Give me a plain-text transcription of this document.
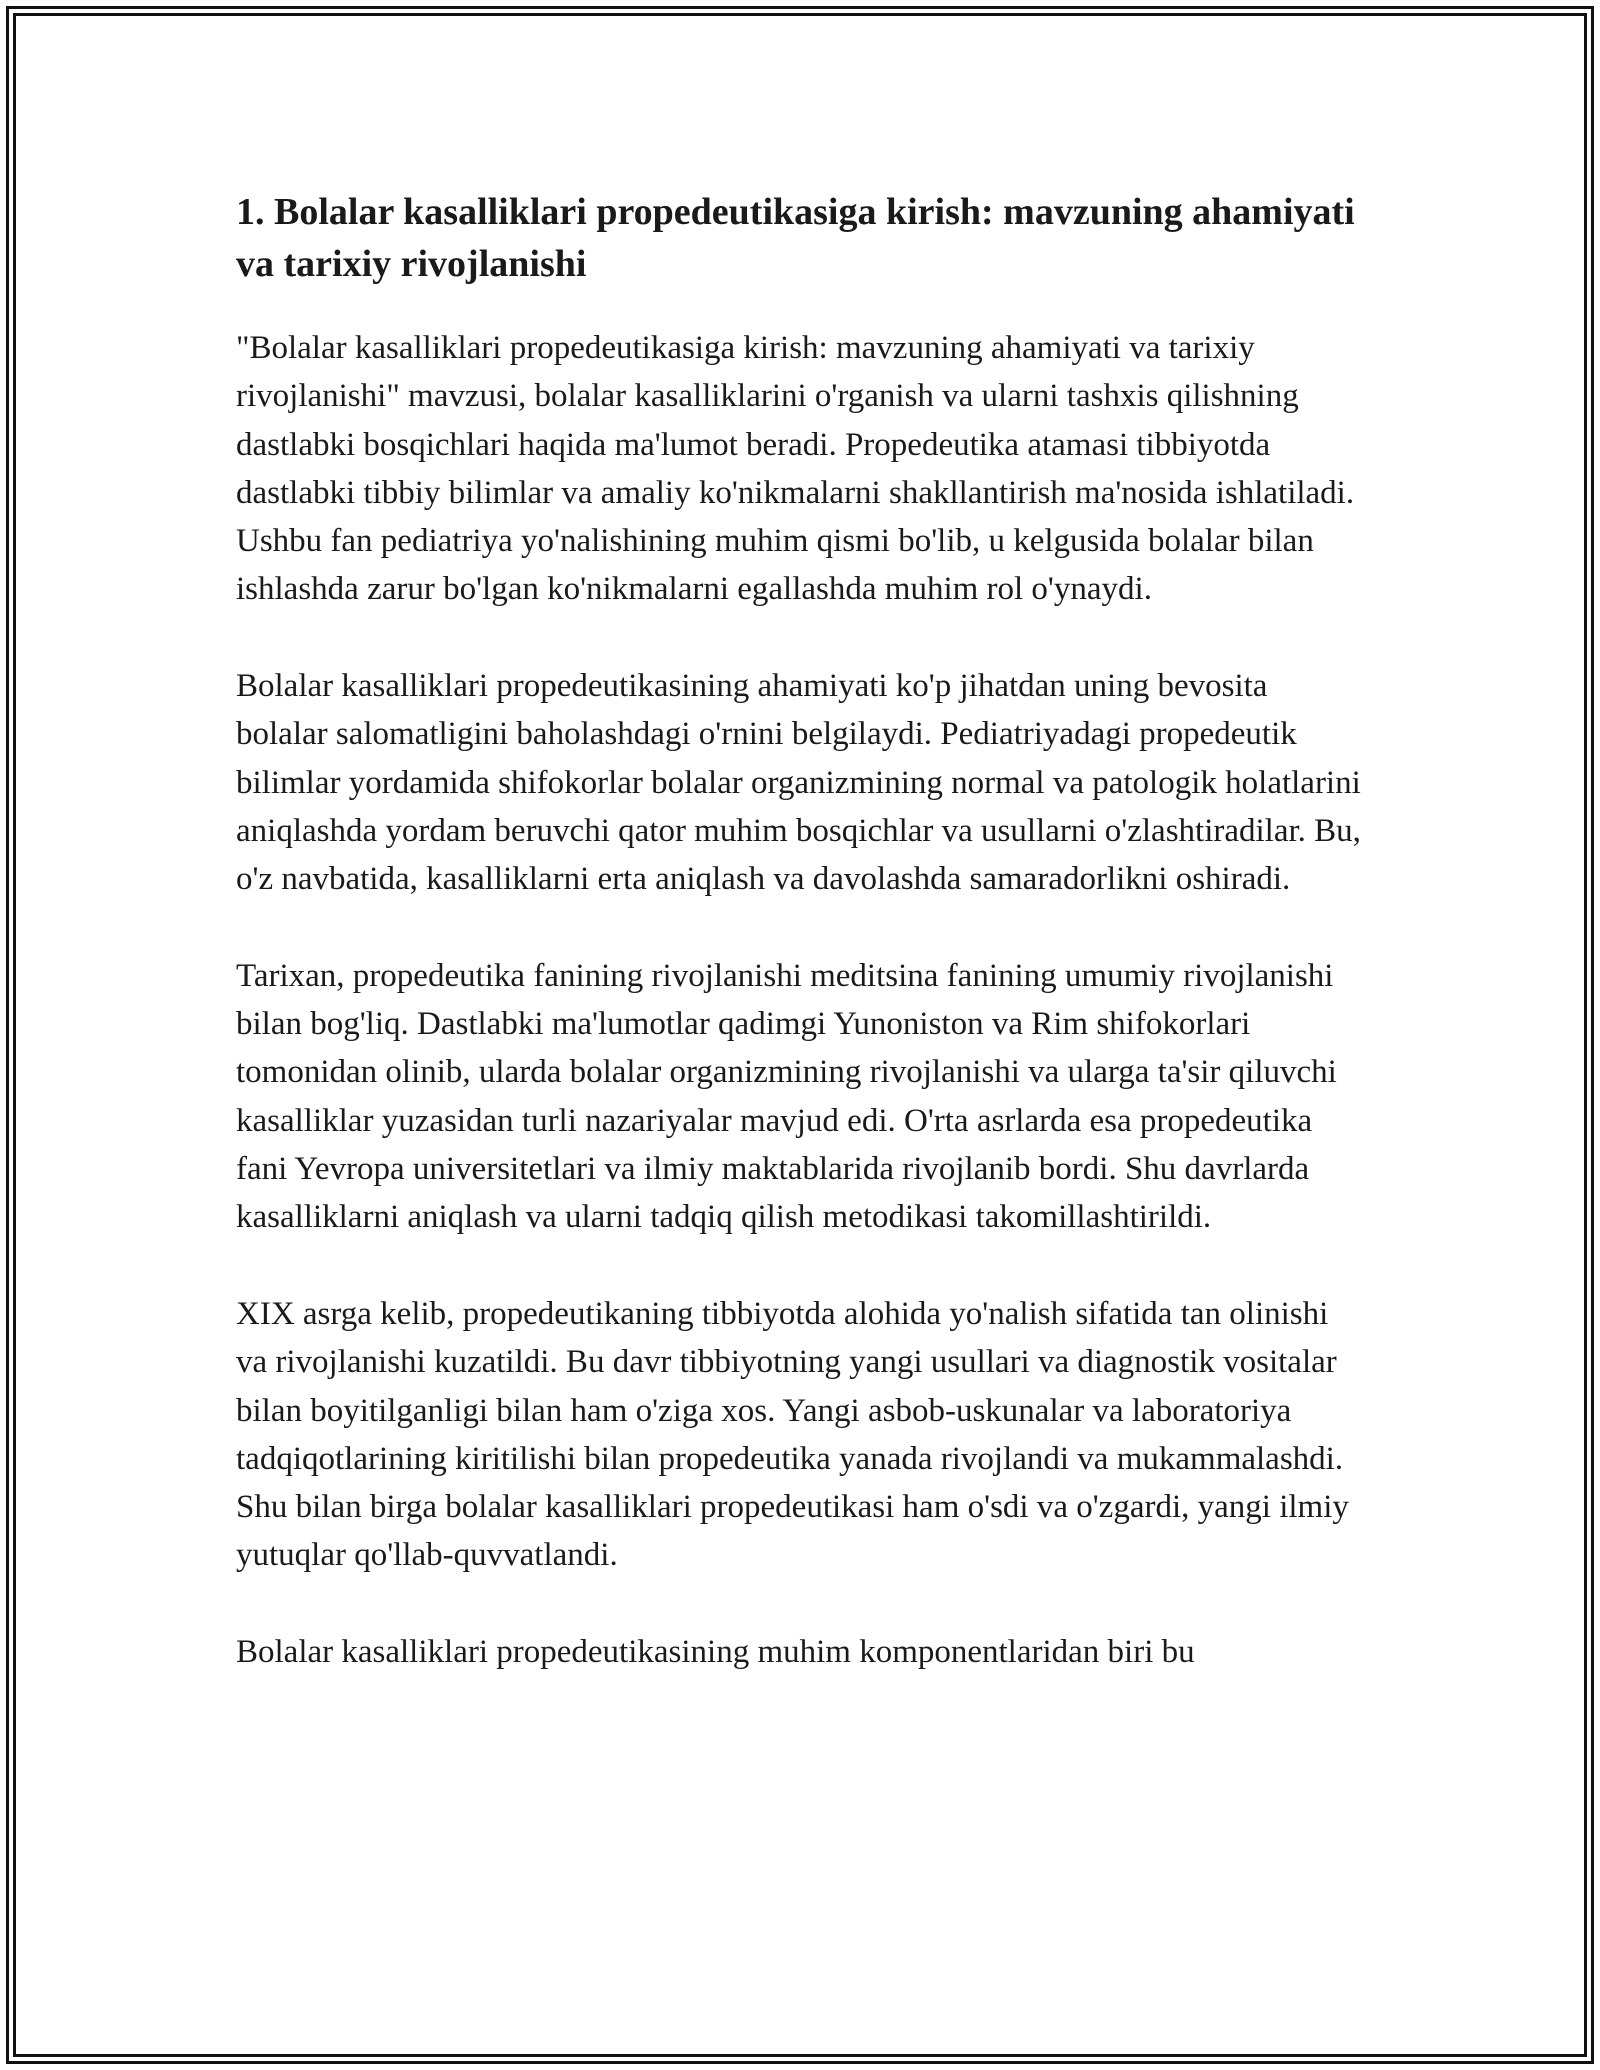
1. Bolalar kasalliklari propedeutikasiga kirish: mavzuning ahamiyati va tarixiy rivojlanishi

"Bolalar kasalliklari propedeutikasiga kirish: mavzuning ahamiyati va tarixiy rivojlanishi" mavzusi, bolalar kasalliklarini o'rganish va ularni tashxis qilishning dastlabki bosqichlari haqida ma'lumot beradi. Propedeutika atamasi tibbiyotda dastlabki tibbiy bilimlar va amaliy ko'nikmalarni shakllantirish ma'nosida ishlatiladi. Ushbu fan pediatriya yo'nalishining muhim qismi bo'lib, u kelgusida bolalar bilan ishlashda zarur bo'lgan ko'nikmalarni egallashda muhim rol o'ynaydi.

Bolalar kasalliklari propedeutikasining ahamiyati ko'p jihatdan uning bevosita bolalar salomatligini baholashdagi o'rnini belgilaydi. Pediatriyadagi propedeutik bilimlar yordamida shifokorlar bolalar organizmining normal va patologik holatlarini aniqlashda yordam beruvchi qator muhim bosqichlar va usullarni o'zlashtiradilar. Bu, o'z navbatida, kasalliklarni erta aniqlash va davolashda samaradorlikni oshiradi.

Tarixan, propedeutika fanining rivojlanishi meditsina fanining umumiy rivojlanishi bilan bog'liq. Dastlabki ma'lumotlar qadimgi Yunoniston va Rim shifokorlari tomonidan olinib, ularda bolalar organizmining rivojlanishi va ularga ta'sir qiluvchi kasalliklar yuzasidan turli nazariyalar mavjud edi. O'rta asrlarda esa propedeutika fani Yevropa universitetlari va ilmiy maktablarida rivojlanib bordi. Shu davrlarda kasalliklarni aniqlash va ularni tadqiq qilish metodikasi takomillashtirildi.

XIX asrga kelib, propedeutikaning tibbiyotda alohida yo'nalish sifatida tan olinishi va rivojlanishi kuzatildi. Bu davr tibbiyotning yangi usullari va diagnostik vositalar bilan boyitilganligi bilan ham o'ziga xos. Yangi asbob-uskunalar va laboratoriya tadqiqotlarining kiritilishi bilan propedeutika yanada rivojlandi va mukammalashdi. Shu bilan birga bolalar kasalliklari propedeutikasi ham o'sdi va o'zgardi, yangi ilmiy yutuqlar qo'llab-quvvatlandi.

Bolalar kasalliklari propedeutikasining muhim komponentlaridan biri bu
